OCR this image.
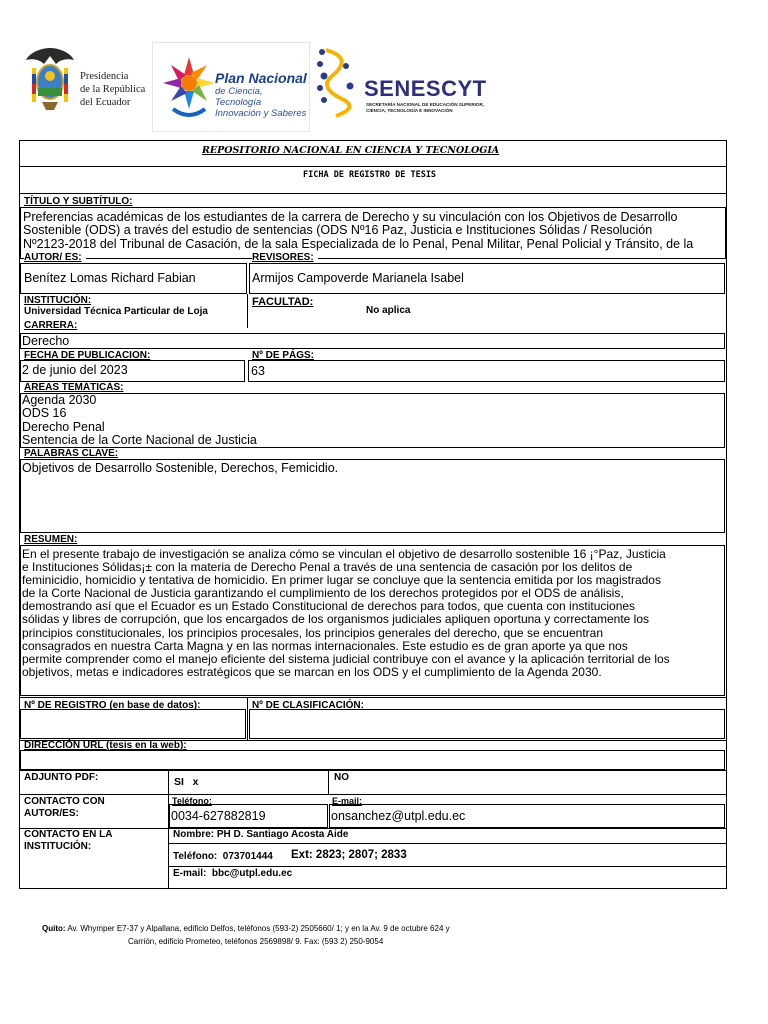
Presidencia
de la República
del Ecuador
Plan Nacional
de Ciencia, Tecnología
Innovación y Saberes
SENESCYT
SECRETARÍA NACIONAL DE EDUCACIÓN SUPERIOR,
CIENCIA, TECNOLOGÍA E INNOVACIÓN
REPOSITORIO NACIONAL EN CIENCIA Y TECNOLOGIA
FICHA DE REGISTRO DE TESIS
TÍTULO Y SUBTÍTULO:
Preferencias académicas de los estudiantes de la carrera de Derecho y su vinculación con los Objetivos de Desarrollo
Sostenible (ODS) a través del estudio de sentencias (ODS Nº16 Paz, Justicia e Instituciones Sólidas / Resolución
Nº2123-2018 del Tribunal de Casación, de la sala Especializada de lo Penal, Penal Militar, Penal Policial y Tránsito, de la
AUTOR/ ES:	REVISORES:
Benítez Lomas Richard Fabian	Armijos Campoverde Marianela Isabel
INSTITUCIÓN:
Universidad Técnica Particular de Loja
FACULTAD:
No aplica
CARRERA:
Derecho
FECHA DE PUBLICACION:	Nº DE PÁGS:
2 de junio del 2023	63
ÁREAS TEMÁTICAS:
Agenda 2030
ODS 16
Derecho Penal
Sentencia de la Corte Nacional de Justicia
PALABRAS CLAVE:
Objetivos de Desarrollo Sostenible, Derechos, Femicidio.
RESUMEN:
En el presente trabajo de investigación se analiza cómo se vinculan el objetivo de desarrollo sostenible 16 ¡°Paz, Justicia
e Instituciones Sólidas¡± con la materia de Derecho Penal a través de una sentencia de casación por los delitos de
feminicidio, homicidio y tentativa de homicidio. En primer lugar se concluye que la sentencia emitida por los magistrados
de la Corte Nacional de Justicia garantizando el cumplimiento de los derechos protegidos por el ODS de análisis,
demostrando así que el Ecuador es un Estado Constitucional de derechos para todos, que cuenta con instituciones
sólidas y libres de corrupción, que los encargados de los organismos judiciales apliquen oportuna y correctamente los
principios constitucionales, los principios procesales, los principios generales del derecho, que se encuentran
consagrados en nuestra Carta Magna y en las normas internacionales. Este estudio es de gran aporte ya que nos
permite comprender como el manejo eficiente del sistema judicial contribuye con el avance y la aplicación territorial de los
objetivos, metas e indicadores estratégicos que se marcan en los ODS y el cumplimiento de la Agenda 2030.
Nº DE REGISTRO (en base de datos):	Nº DE CLASIFICACIÓN:
DIRECCIÓN URL (tesis en la web):
ADJUNTO PDF:	SI   x	NO
CONTACTO CON
AUTOR/ES:
Teléfono:	E-mail:
0034-627882819	onsanchez@utpl.edu.ec
CONTACTO EN LA
INSTITUCIÓN:
Nombre: PH D. Santiago Acosta Aide
Teléfono:  073701444 Ext: 2823; 2807; 2833
E-mail:  bbc@utpl.edu.ec
Quito: Av. Whymper E7-37 y Alpallana, edificio Delfos, teléfonos (593-2) 2505660/ 1; y en la Av. 9 de octubre 624 y
Carrión, edificio Prometeo, teléfonos 2569898/ 9. Fax: (593 2) 250-9054
